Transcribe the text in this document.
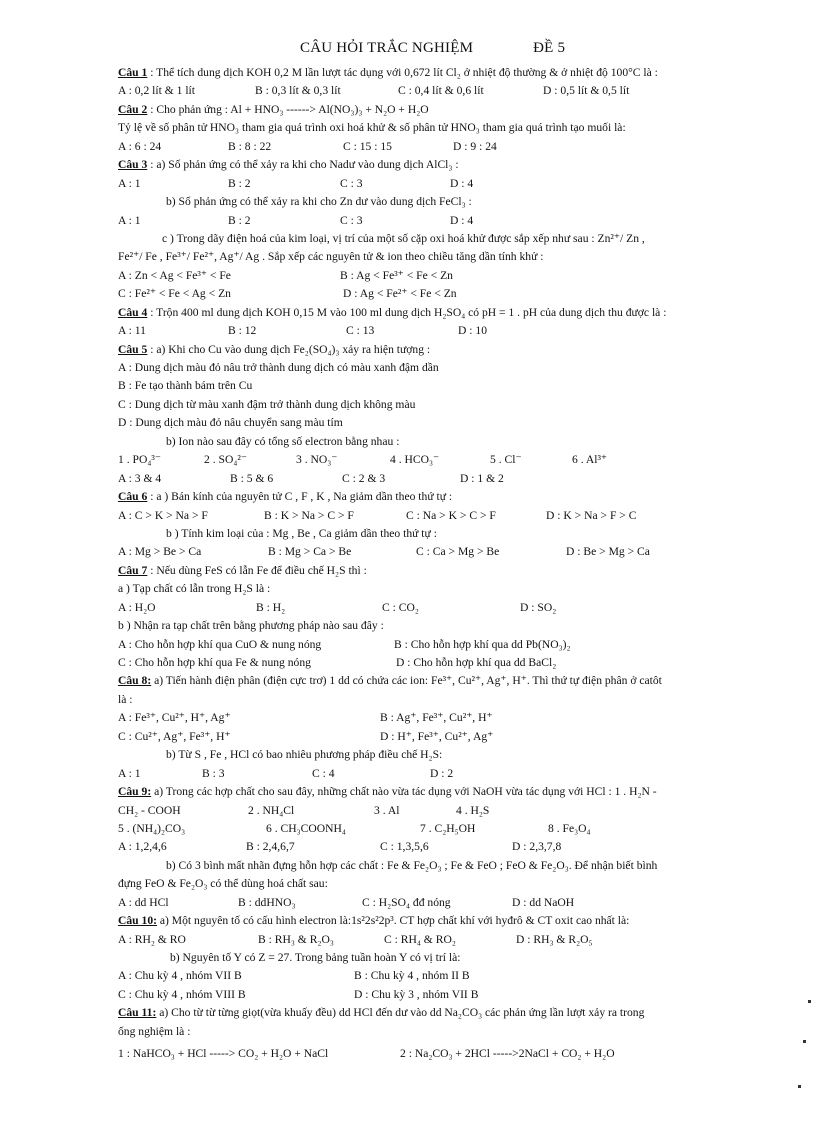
CÂU HỎI TRẮC NGHIỆM	ĐỀ 5
Câu 1 : Thể tích dung dịch KOH 0,2 M lần lượt tác dụng với 0,672 lít Cl₂ ở nhiệt độ thường & ở nhiệt độ 100°C là :
A : 0,2 lít & 1 lít	B : 0,3 lít & 0,3 lít	C : 0,4 lít & 0,6 lít	D : 0,5 lít & 0,5 lít
Câu 2 : Cho phản ứng : Al + HNO₃ ------> Al(NO₃)₃ + N₂O + H₂O
Tỷ lệ về số phân tử HNO₃ tham gia quá trình oxi hoá khử & số phân tử HNO₃ tham gia quá trình tạo muối là:
A : 6 : 24	B : 8 : 22	C : 15 : 15	D : 9 : 24
Câu 3 : a) Số phản ứng có thể xảy ra khi cho Nadư vào dung dịch AlCl₃ :
A : 1	B : 2	C : 3	D : 4
b) Số phản ứng có thể xảy ra khi cho Zn dư vào dung dịch FeCl₃ :
A : 1	B : 2	C : 3	D : 4
c ) Trong dãy điện hoá của kim loại, vị trí của một số cặp oxi hoá khử được sắp xếp như sau : Zn²⁺/ Zn ,
Fe²⁺/ Fe , Fe³⁺/ Fe²⁺, Ag⁺/ Ag . Sắp xếp các nguyên tử & ion theo chiều tăng dần tính khử :
A : Zn < Ag < Fe³⁺ < Fe	B : Ag < Fe³⁺ < Fe < Zn
C : Fe²⁺ < Fe < Ag < Zn	D : Ag < Fe²⁺ < Fe < Zn
Câu 4 : Trộn 400 ml dung dịch KOH 0,15 M vào 100 ml dung dịch H₂SO₄ có pH = 1 . pH của dung dịch thu được là :
A : 11	B : 12	C : 13	D : 10
Câu 5 : a) Khi cho Cu vào dung dịch Fe₂(SO₄)₃ xảy ra hiện tượng :
A : Dung dịch màu đỏ nâu trở thành dung dịch có màu xanh đậm dần
B : Fe tạo thành bám trên Cu
C : Dung dịch từ màu xanh đậm trở thành dung dịch không màu
D : Dung dịch màu đỏ nâu chuyển sang màu tím
b) Ion nào sau đây có tổng số electron bằng nhau :
1 . PO₄³⁻	2 . SO₄²⁻	3 . NO₃⁻	4 . HCO₃⁻	5 . Cl⁻	6 . Al³⁺
A : 3 & 4	B : 5 & 6	C : 2 & 3	D : 1 & 2
Câu 6 : a ) Bán kính của nguyên tử C , F , K , Na giảm dần theo thứ tự :
A : C > K > Na > F	B : K > Na > C > F	C : Na > K > C > F	D : K > Na > F > C
b ) Tính kim loại của : Mg , Be , Ca giảm dần theo thứ tự :
A : Mg > Be > Ca	B : Mg > Ca > Be	C : Ca > Mg > Be	D : Be > Mg > Ca
Câu 7 : Nếu dùng FeS có lẫn Fe để điều chế H₂S thì :
a ) Tạp chất có lẫn trong H₂S là :
A : H₂O	B : H₂	C : CO₂	D : SO₂
b ) Nhận ra tạp chất trên bằng phương pháp nào sau đây :
A : Cho hỗn hợp khí qua CuO & nung nóng	B : Cho hỗn hợp khí qua dd Pb(NO₃)₂
C : Cho hỗn hợp khí qua Fe & nung nóng	D : Cho hỗn hợp khí qua dd BaCl₂
Câu 8: a) Tiến hành điện phân (điện cực trơ) 1 dd có chứa các ion: Fe³⁺, Cu²⁺, Ag⁺, H⁺. Thì thứ tự điện phân ở catôt
là :
A : Fe³⁺, Cu²⁺, H⁺, Ag⁺	B : Ag⁺, Fe³⁺, Cu²⁺, H⁺
C : Cu²⁺, Ag⁺, Fe³⁺, H⁺	D : H⁺, Fe³⁺, Cu²⁺, Ag⁺
b) Từ S , Fe , HCl có bao nhiêu phương pháp điều chế H₂S:
A : 1	B : 3	C : 4	D : 2
Câu 9: a) Trong các hợp chất cho sau đây, những chất nào vừa tác dụng với NaOH vừa tác dụng với HCl : 1 . H₂N -
CH₂ - COOH	2 . NH₄Cl	3 . Al	4 . H₂S
5 . (NH₄)₂CO₃	6 . CH₃COONH₄	7 . C₂H₅OH	8 . Fe₃O₄
A : 1,2,4,6	B : 2,4,6,7	C : 1,3,5,6	D : 2,3,7,8
b) Có 3 bình mất nhãn đựng hỗn hợp các chất : Fe & Fe₂O₃ ; Fe & FeO ; FeO & Fe₂O₃. Để nhận biết bình
đựng FeO & Fe₂O₃ có thể dùng hoá chất sau:
A : dd HCl	B : ddHNO₃	C : H₂SO₄ đđ nóng	D : dd NaOH
Câu 10: a) Một nguyên tố có cấu hình electron là:1s²2s²2p³. CT hợp chất khí với hyđrô & CT oxit cao nhất là:
A : RH₂ & RO	B : RH₃ & R₂O₃	C : RH₄ & RO₂	D : RH₃ & R₂O₅
b) Nguyên tố Y có Z = 27. Trong bảng tuần hoàn Y có vị trí là:
A : Chu kỳ 4 , nhóm VII B	B : Chu kỳ 4 , nhóm II B
C : Chu kỳ 4 , nhóm VIII B	D : Chu kỳ 3 , nhóm VII B
Câu 11: a) Cho từ từ từng giọt(vừa khuấy đều) dd HCl đến dư vào dd Na₂CO₃ các phản ứng lần lượt xảy ra trong
ống nghiệm là :
1 : NaHCO₃ + HCl -----> CO₂ + H₂O + NaCl	2 : Na₂CO₃ + 2HCl ----->2NaCl + CO₂ + H₂O
